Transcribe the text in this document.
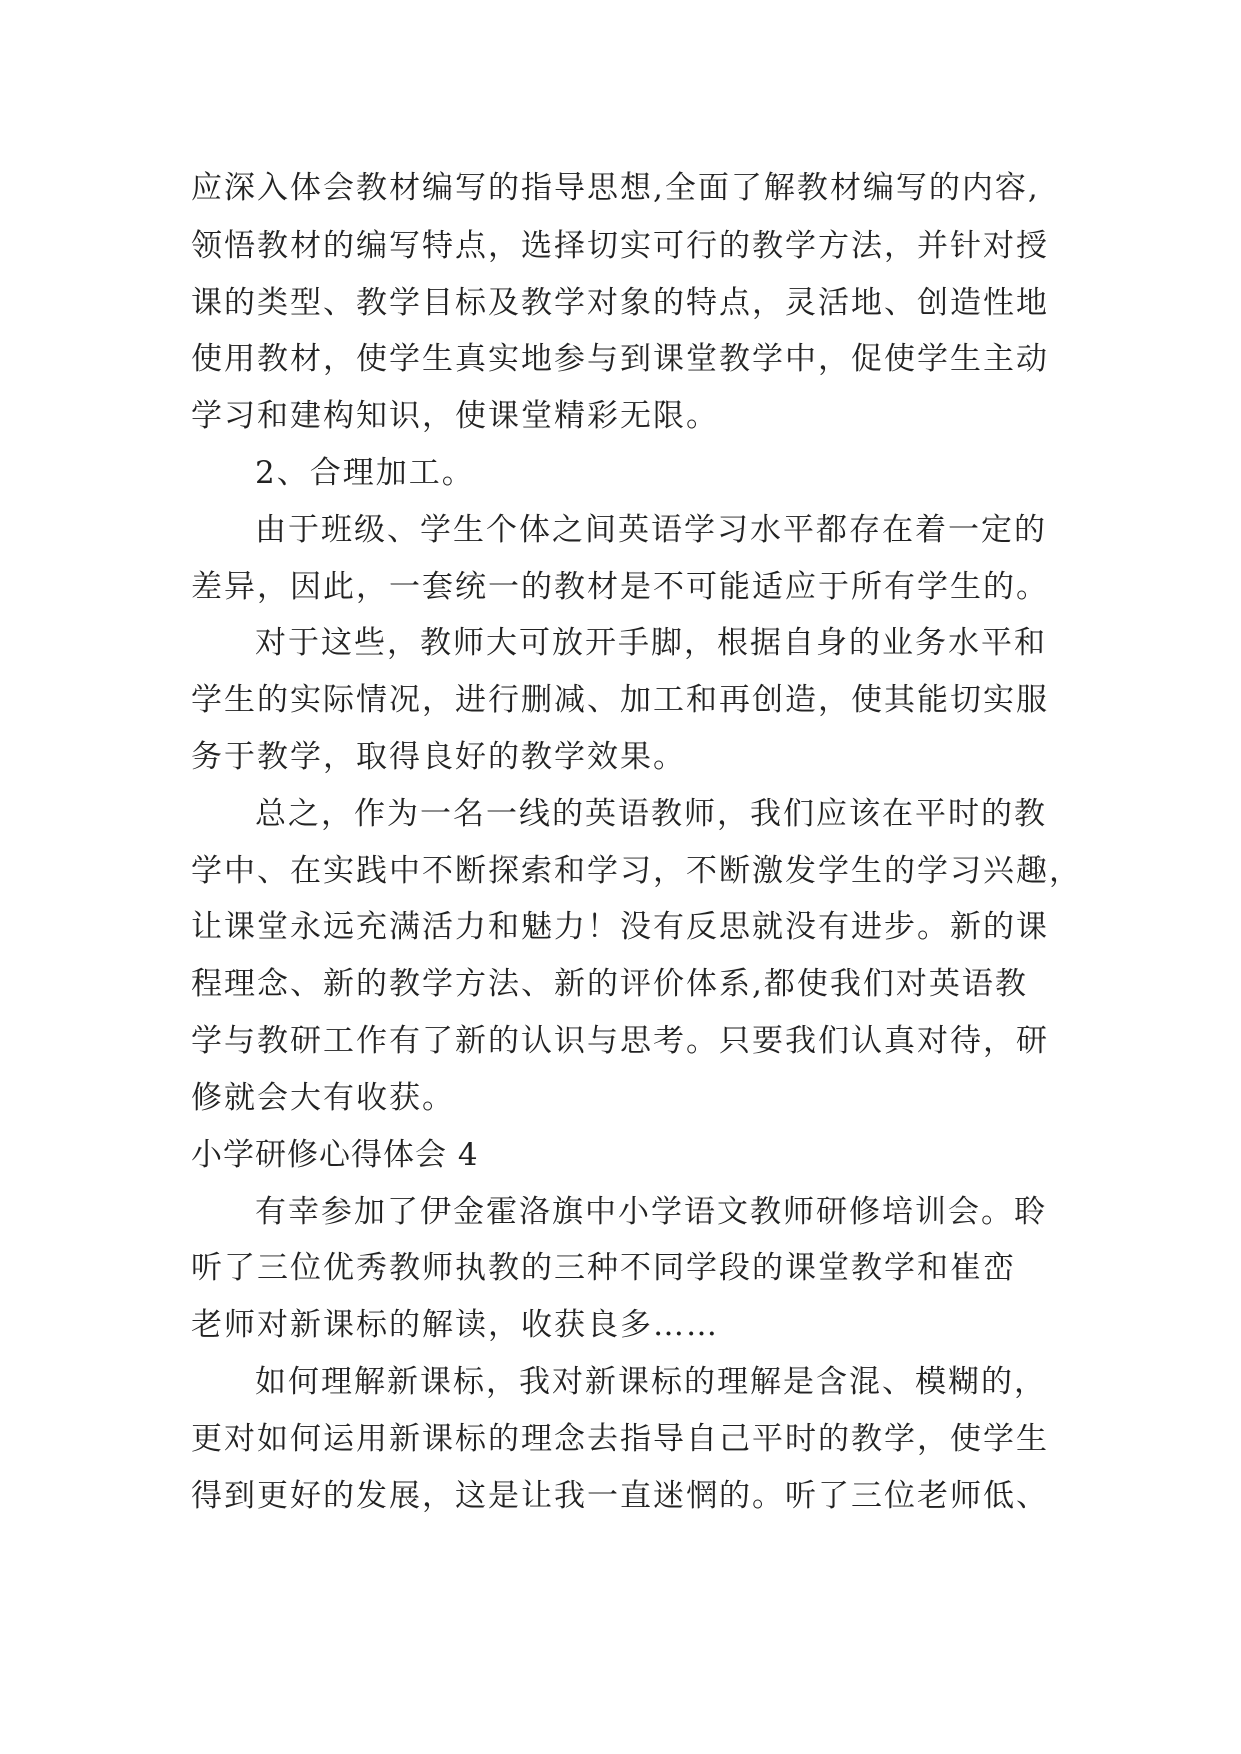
应深入体会教材编写的指导思想,全面了解教材编写的内容,
领悟教材的编写特点，选择切实可行的教学方法，并针对授
课的类型、教学目标及教学对象的特点，灵活地、创造性地
使用教材，使学生真实地参与到课堂教学中，促使学生主动
学习和建构知识，使课堂精彩无限。
2、合理加工。
由于班级、学生个体之间英语学习水平都存在着一定的
差异，因此，一套统一的教材是不可能适应于所有学生的。
对于这些，教师大可放开手脚，根据自身的业务水平和
学生的实际情况，进行删减、加工和再创造，使其能切实服
务于教学，取得良好的教学效果。
总之，作为一名一线的英语教师，我们应该在平时的教
学中、在实践中不断探索和学习，不断激发学生的学习兴趣，
让课堂永远充满活力和魅力！没有反思就没有进步。新的课
程理念、新的教学方法、新的评价体系,都使我们对英语教
学与教研工作有了新的认识与思考。只要我们认真对待，研
修就会大有收获。
小学研修心得体会 4
有幸参加了伊金霍洛旗中小学语文教师研修培训会。聆
听了三位优秀教师执教的三种不同学段的课堂教学和崔峦
老师对新课标的解读，收获良多……
如何理解新课标，我对新课标的理解是含混、模糊的，
更对如何运用新课标的理念去指导自己平时的教学，使学生
得到更好的发展，这是让我一直迷惘的。听了三位老师低、
